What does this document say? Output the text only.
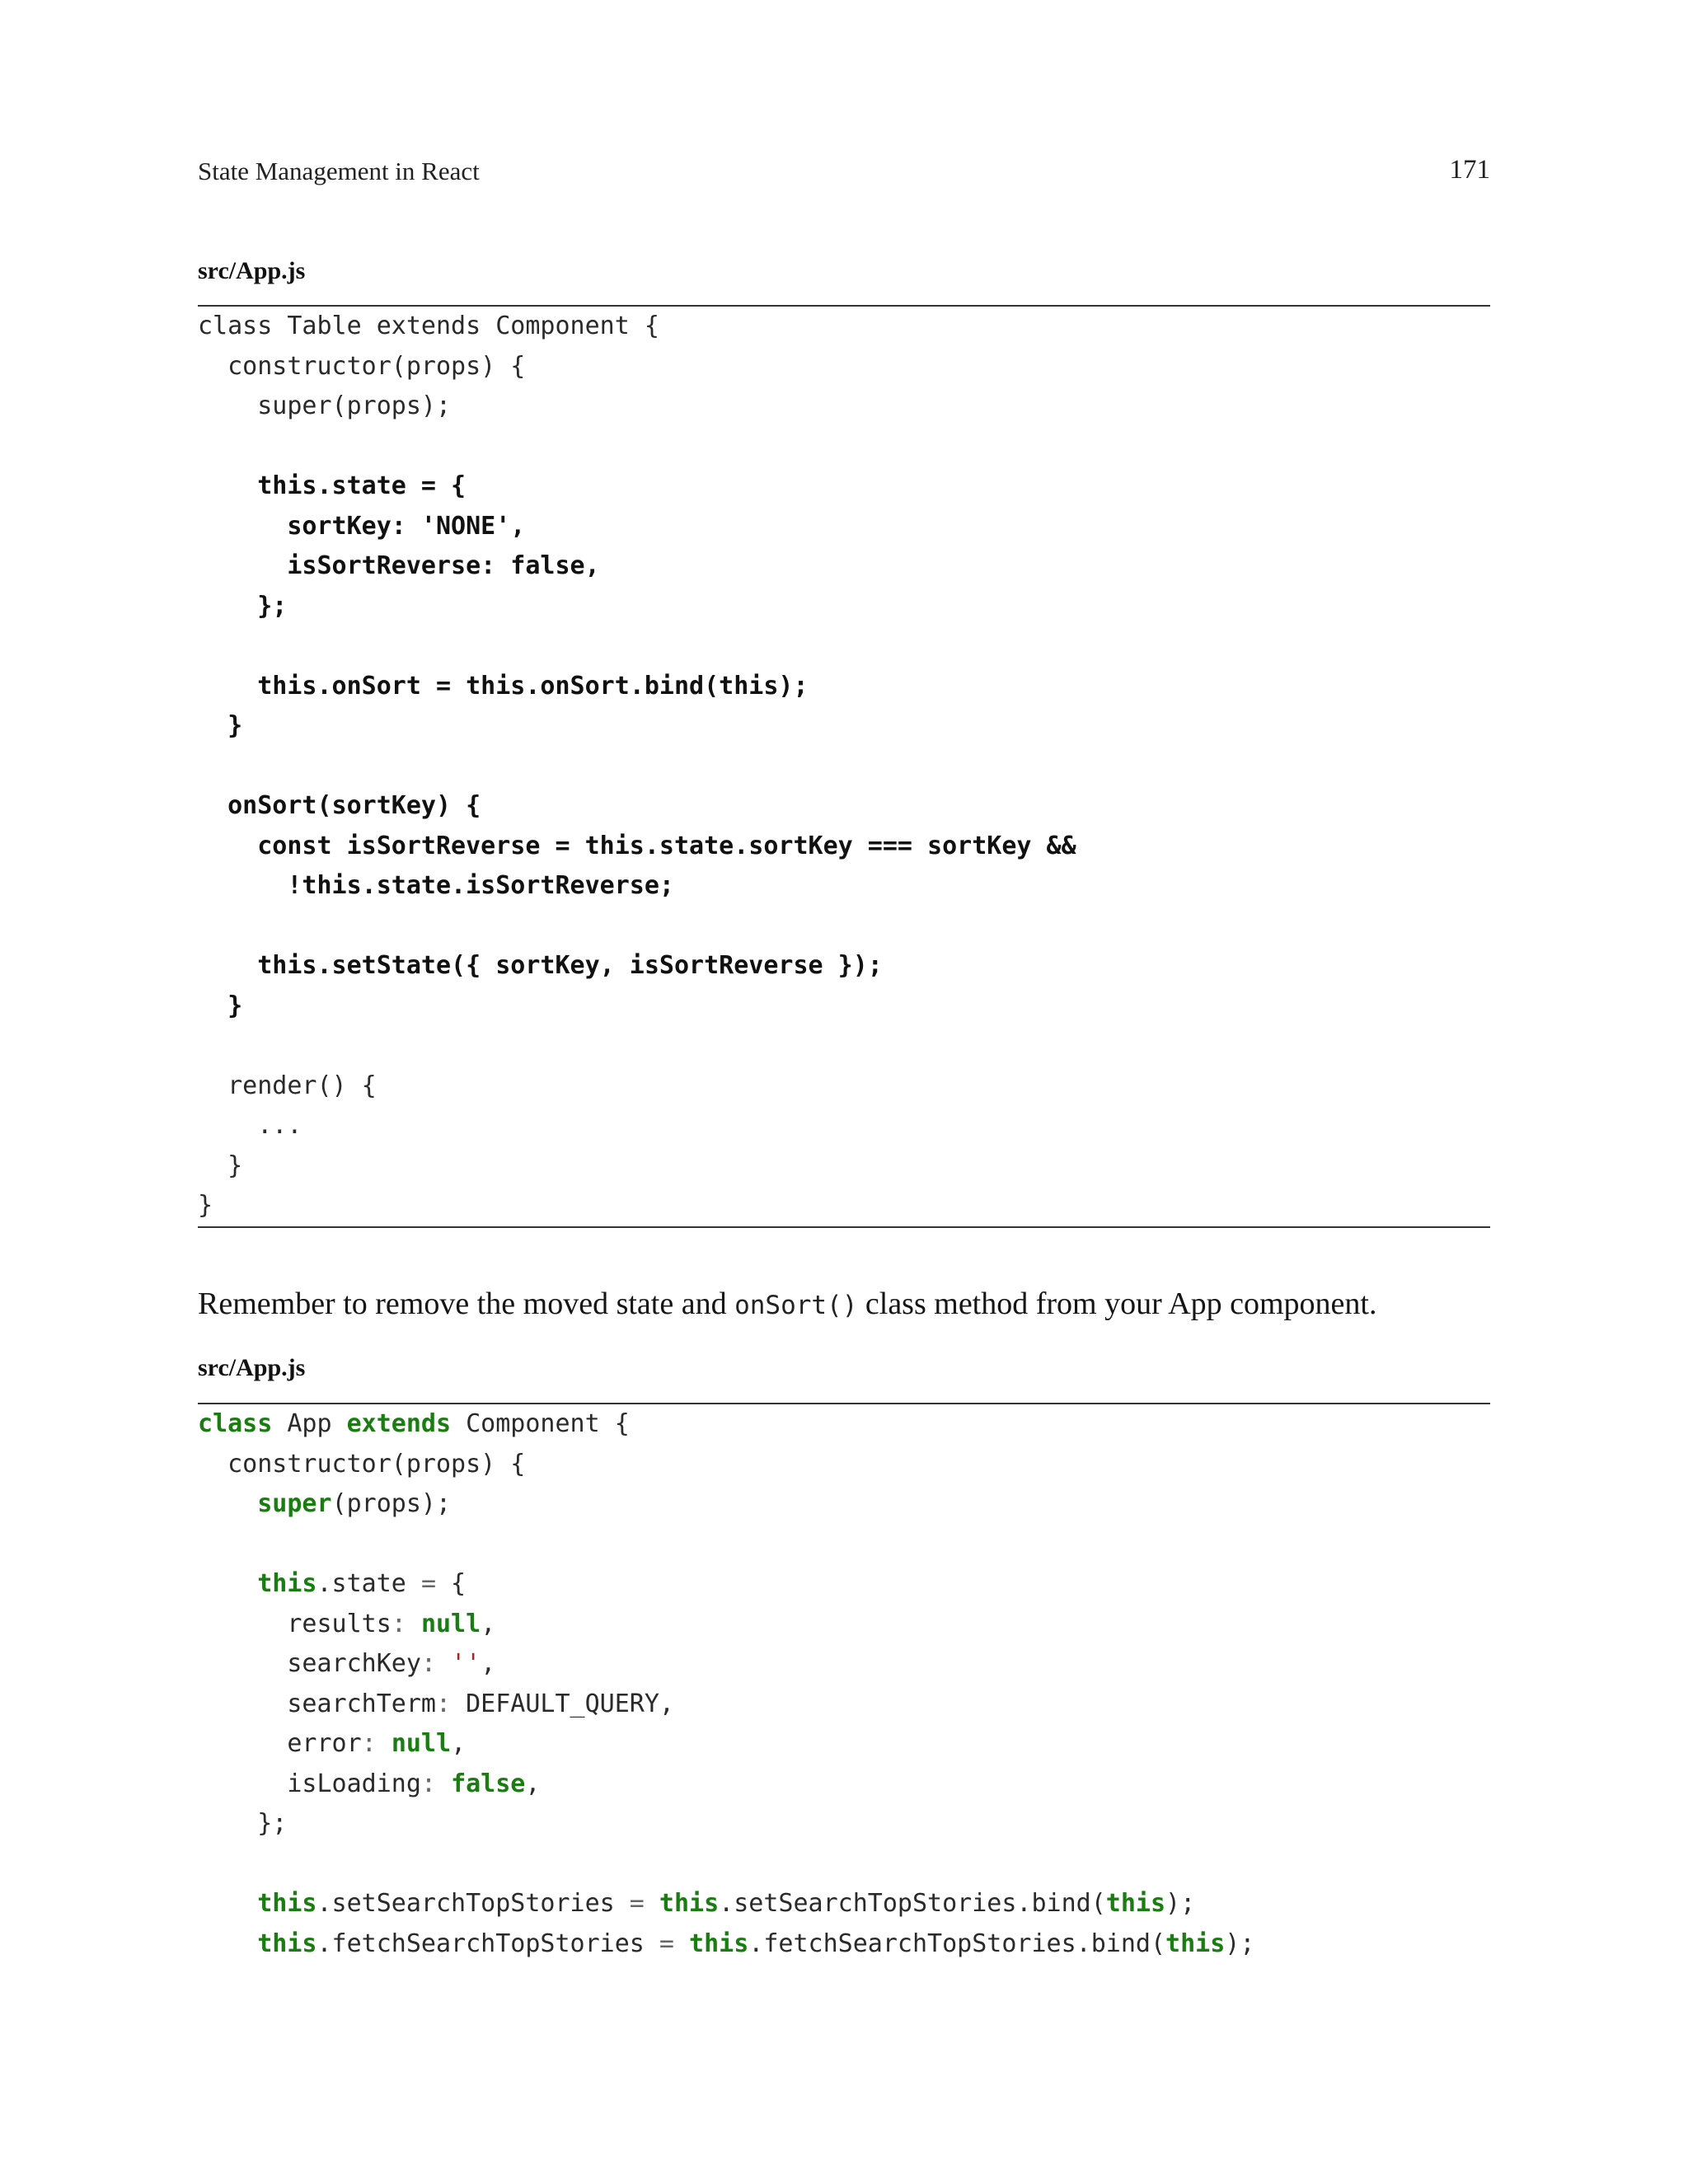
State Management in React	171
src/App.js
class Table extends Component {
constructor(props) {
super(props);

this.state = {
sortKey: 'NONE',
isSortReverse: false,
};

this.onSort = this.onSort.bind(this);
}

onSort(sortKey) {
const isSortReverse = this.state.sortKey === sortKey &&
!this.state.isSortReverse;

this.setState({ sortKey, isSortReverse });
}

render() {
...
}
}
Remember to remove the moved state and onSort() class method from your App component.
src/App.js
class App extends Component {
constructor(props) {
super(props);

this.state = {
results: null,
searchKey: '',
searchTerm: DEFAULT_QUERY,
error: null,
isLoading: false,
};

this.setSearchTopStories = this.setSearchTopStories.bind(this);
this.fetchSearchTopStories = this.fetchSearchTopStories.bind(this);
